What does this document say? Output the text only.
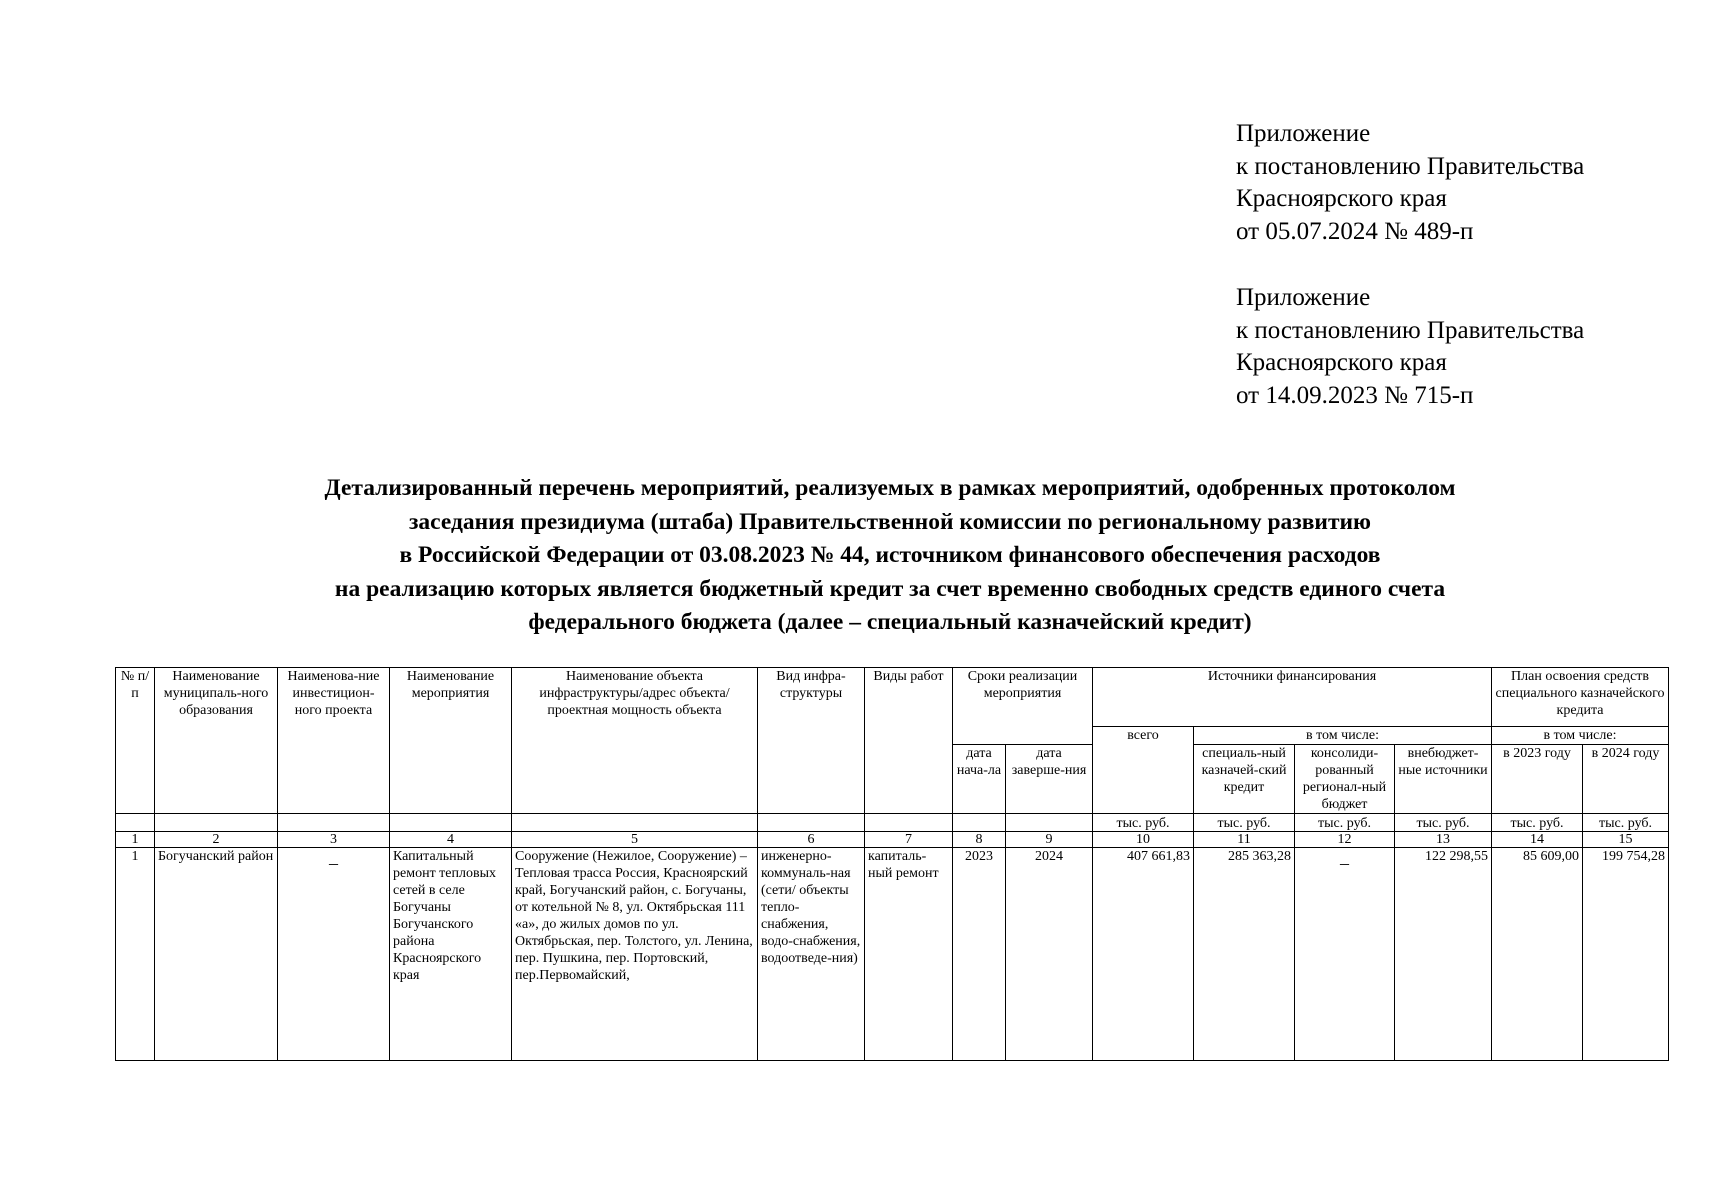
Приложение
к постановлению Правительства
Красноярского края
от 05.07.2024 № 489-п
Приложение
к постановлению Правительства
Красноярского края
от 14.09.2023 № 715-п
Детализированный перечень мероприятий, реализуемых в рамках мероприятий, одобренных протоколом
заседания президиума (штаба) Правительственной комиссии по региональному развитию
в Российской Федерации от 03.08.2023 № 44, источником финансового обеспечения расходов
на реализацию которых является бюджетный кредит за счет временно свободных средств единого счета
федерального бюджета (далее – специальный казначейский кредит)
№ п/п	Наименование муниципаль-ного образования	Наименова-ние инвестицион-ного проекта	Наименование мероприятия	Наименование объекта инфраструктуры/адрес объекта/ проектная мощность объекта	Вид инфра-структуры	Виды работ	Сроки реализации мероприятия		Источники финансирования				План освоения средств специального казначейского кредита	
									всего	в том числе:			в том числе:	
										специаль-ный казначей-ский кредит	консолиди-рованный регионал-ный бюджет	внебюджет-ные источники	в 2023 году	в 2024 году
							дата нача-ла	дата заверше-ния						
									тыс. руб.	тыс. руб.	тыс. руб.	тыс. руб.	тыс. руб.	тыс. руб.
1	2	3	4	5	6	7	8	9	10	11	12	13	14	15
1	Богучанский район	–	Капитальный ремонт тепловых сетей в селе Богучаны Богучанского района Красноярского края	Сооружение (Нежилое, Сооружение) – Тепловая трасса Россия, Красноярский край, Богучанский район, с. Богучаны, от котельной № 8, ул. Октябрьская 111 «а», до жилых домов по ул. Октябрьская, пер. Толстого, ул. Ленина, пер. Пушкина, пер. Портовский, пер.Первомайский,	инженерно-коммуналь-ная (сети/ объекты тепло-снабжения, водо-снабжения, водоотведе-ния)	капиталь-ный ремонт	2023	2024	407 661,83	285 363,28	–	122 298,55	85 609,00	199 754,28
